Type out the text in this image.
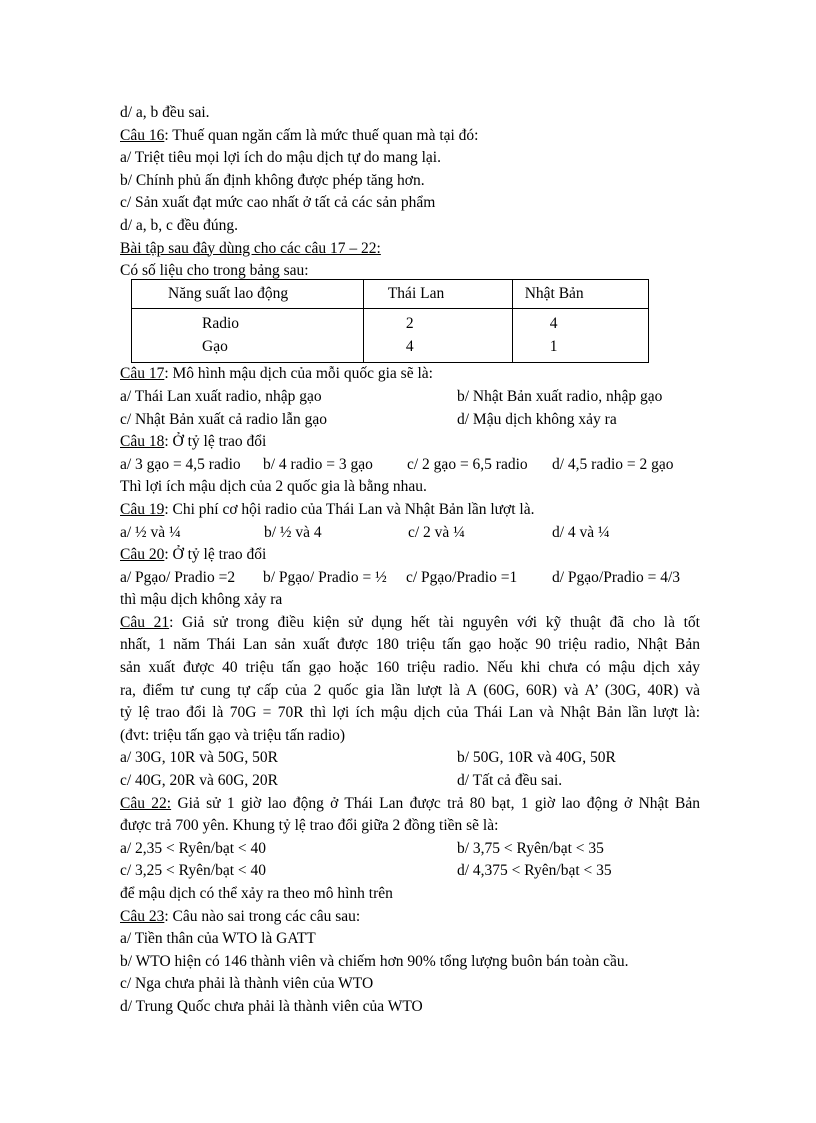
d/ a, b đều sai.
Câu 16: Thuế quan ngăn cấm là mức thuế quan mà tại đó:
a/ Triệt tiêu mọi lợi ích do mậu dịch tự do mang lại.
b/ Chính phủ ấn định không được phép tăng hơn.
c/ Sản xuất đạt mức cao nhất ở tất cả các sản phẩm
d/ a, b, c đều đúng.
Bài tập sau đây dùng cho các câu 17 – 22:
Có số liệu cho trong bảng sau:
Năng suất lao động	Thái Lan	Nhật Bản
Radio	2	4
Gạo	4	1
Câu 17: Mô hình mậu dịch của mỗi quốc gia sẽ là:
a/ Thái Lan xuất radio, nhập gạo	b/ Nhật Bản xuất radio, nhập gạo
c/ Nhật Bản xuất cả radio lẫn gạo	d/ Mậu dịch không xảy ra
Câu 18: Ở tỷ lệ trao đổi
a/ 3 gạo = 4,5 radio	b/ 4 radio = 3 gạo	c/ 2 gạo = 6,5 radio	d/ 4,5 radio = 2 gạo
Thì lợi ích mậu dịch của 2 quốc gia là bằng nhau.
Câu 19: Chi phí cơ hội radio của Thái Lan và Nhật Bản lần lượt là.
a/ ½ và ¼	b/ ½ và 4	c/ 2 và ¼	d/ 4 và ¼
Câu 20: Ở tỷ lệ trao đổi
a/ Pgạo/ Pradio =2	b/ Pgạo/ Pradio = ½	c/ Pgạo/Pradio =1	d/ Pgạo/Pradio = 4/3
thì mậu dịch không xảy ra
Câu 21: Giả sử trong điều kiện sử dụng hết tài nguyên với kỹ thuật đã cho là tốt
nhất, 1 năm Thái Lan sản xuất được 180 triệu tấn gạo hoặc 90 triệu radio, Nhật Bản
sản xuất được 40 triệu tấn gạo hoặc 160 triệu radio. Nếu khi chưa có mậu dịch xảy
ra, điểm tư cung tự cấp của 2 quốc gia lần lượt là A (60G, 60R) và A’ (30G, 40R) và
tỷ lệ trao đổi là 70G = 70R thì lợi ích mậu dịch của Thái Lan và Nhật Bản lần lượt là:
(đvt: triệu tấn gạo và triệu tấn radio)
a/ 30G, 10R và 50G, 50R	b/ 50G, 10R và 40G, 50R
c/ 40G, 20R và 60G, 20R	d/ Tất cả đều sai.
Câu 22: Giả sử 1 giờ lao động ở Thái Lan được trả 80 bạt, 1 giờ lao động ở Nhật Bản
được trả 700 yên. Khung tỷ lệ trao đổi giữa 2 đồng tiền sẽ là:
a/ 2,35 < Ryên/bạt < 40	b/ 3,75 < Ryên/bạt < 35
c/ 3,25 < Ryên/bạt < 40	d/ 4,375 < Ryên/bạt < 35
để mậu dịch có thể xảy ra theo mô hình trên
Câu 23: Câu nào sai trong các câu sau:
a/ Tiền thân của WTO là GATT
b/ WTO hiện có 146 thành viên và chiếm hơn 90% tổng lượng buôn bán toàn cầu.
c/ Nga chưa phải là thành viên của WTO
d/ Trung Quốc chưa phải là thành viên của WTO
